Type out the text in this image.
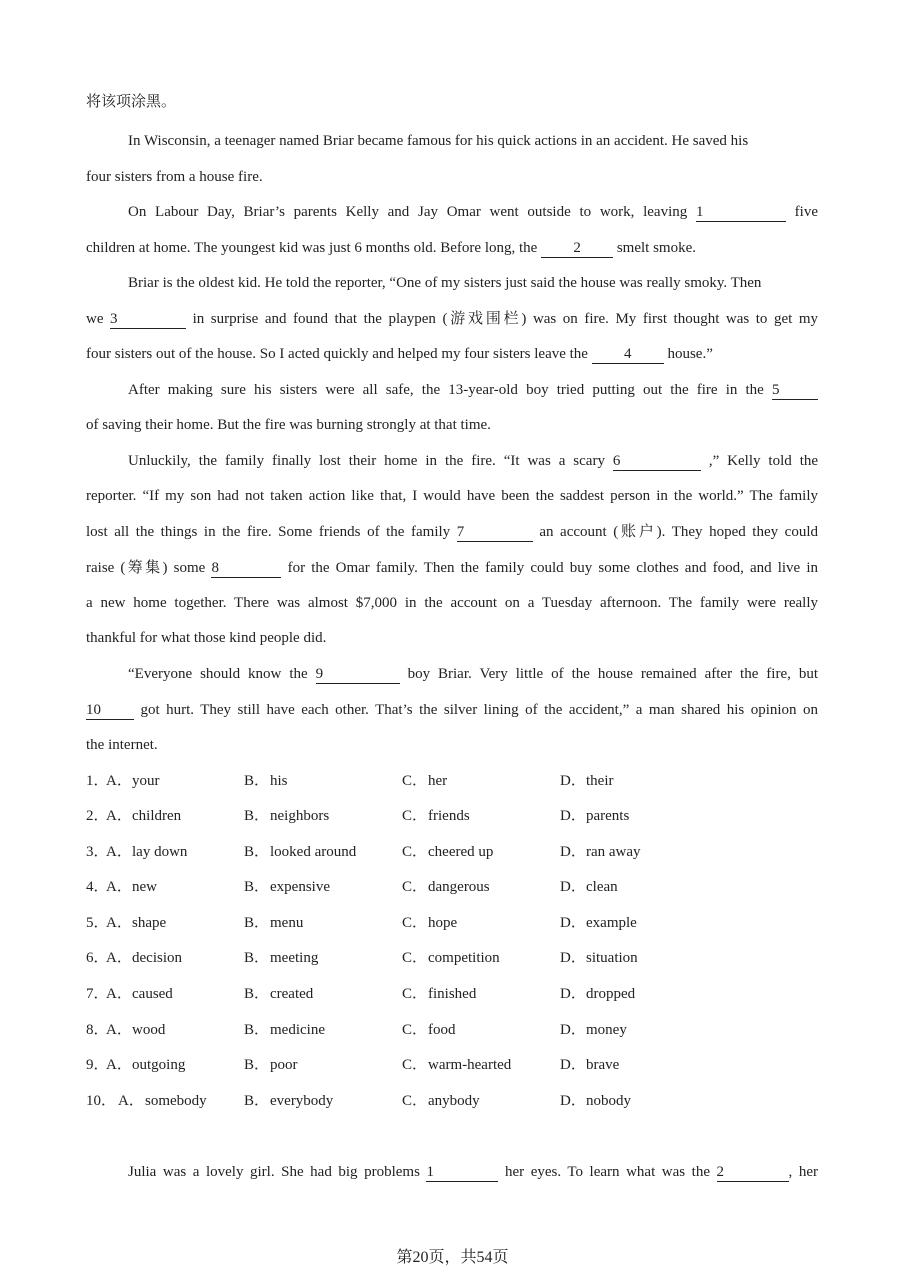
将该项涂黑。
In Wisconsin, a teenager named Briar became famous for his quick actions in an accident. He saved his
four sisters from a house fire.
On Labour Day, Briar’s parents Kelly and Jay Omar went outside to work, leaving 1	five
children at home. The youngest kid was just 6 months old. Before long, the 2 smelt smoke.
Briar is the oldest kid. He told the reporter, “One of my sisters just said the house was really smoky. Then
we 3	in surprise and found that the playpen (游戏围栏) was on fire. My first thought was to get my
four sisters out of the house. So I acted quickly and helped my four sisters leave the 4 house.”
After making sure his sisters were all safe, the 13-year-old boy tried putting out the fire in the 5
of saving their home. But the fire was burning strongly at that time.
Unluckily, the family finally lost their home in the fire. “It was a scary 6	,” Kelly told the
reporter. “If my son had not taken action like that, I would have been the saddest person in the world.” The family
lost all the things in the fire. Some friends of the family 7	an account (账户). They hoped they could
raise (筹集) some 8	for the Omar family. Then the family could buy some clothes and food, and live in
a new home together. There was almost $7,000 in the account on a Tuesday afternoon. The family were really
thankful for what those kind people did.
“Everyone should know the 9	boy Briar. Very little of the house remained after the fire, but
10	got hurt. They still have each other. That’s the silver lining of the accident,” a man shared his opinion on
the internet.
1．
A．your	B．his	C．her	D．their
2．
A．children	B．neighbors	C．friends	D．parents
3．
A．lay down	B．looked around	C．cheered up	D．ran away
4．
A．new	B．expensive	C．dangerous	D．clean
5．
A．shape	B．menu	C．hope	D．example
6．
A．decision	B．meeting	C．competition	D．situation
7．
A．caused	B．created	C．finished	D．dropped
8．
A．wood	B．medicine	C．food	D．money
9．
A．outgoing	B．poor	C．warm-hearted	D．brave
10． A．somebody B．everybody	C．anybody	D．nobody
Julia was a lovely girl. She had big problems 1	her eyes. To learn what was the 2	, her
第20页，共54页
